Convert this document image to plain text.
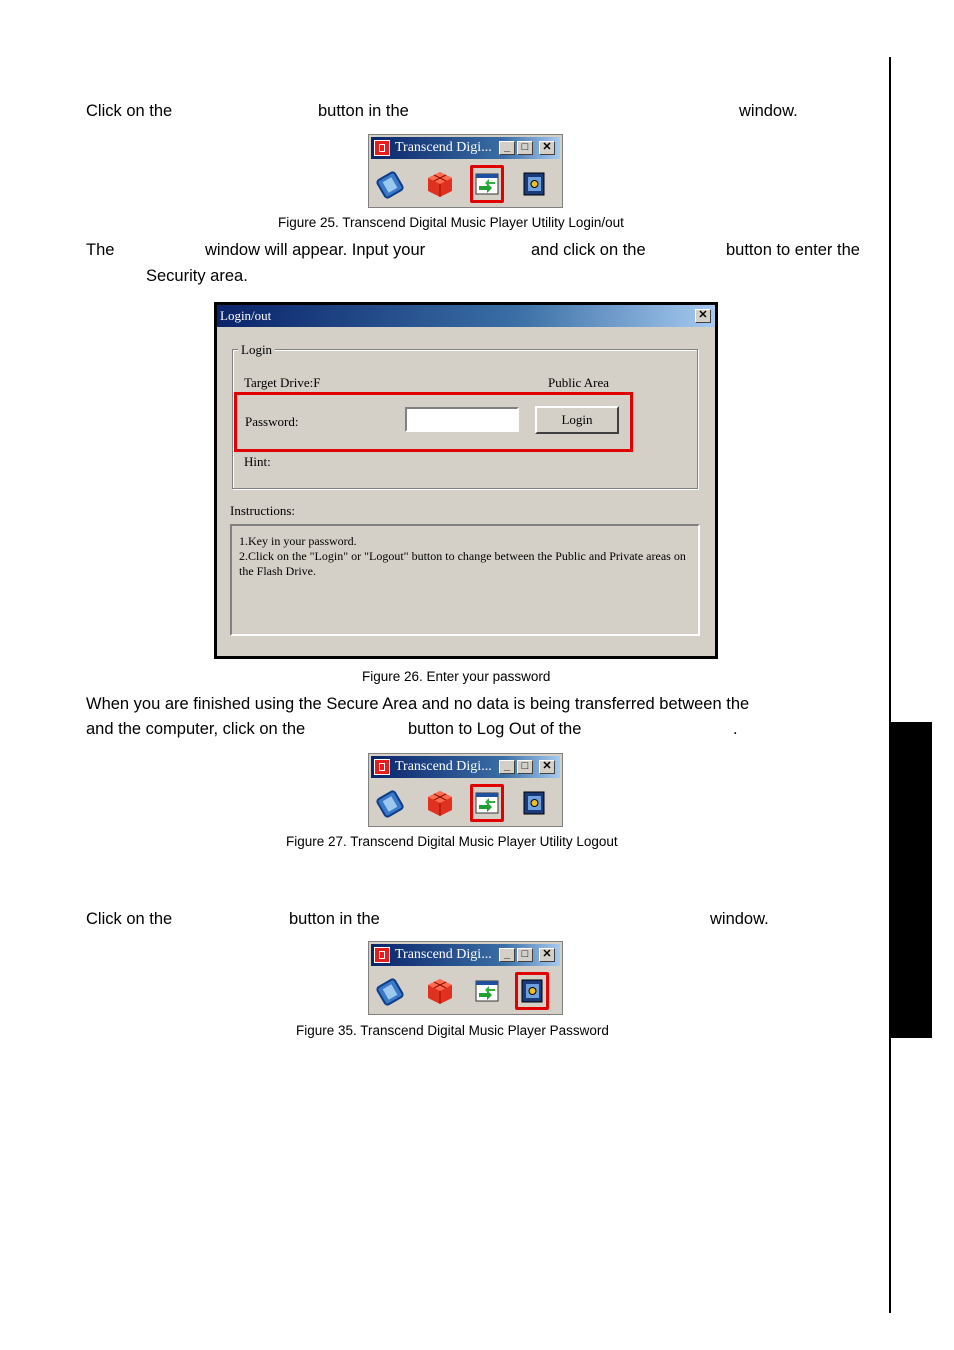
Click on the	button in the	window.
Transcend Digi...	_	□	✕
Figure 25. Transcend Digital Music Player Utility Login/out
The	window will appear. Input your	and click on the	button to enter the
Security area.
Login/out	✕
Login
Target Drive:F	Public Area
Password:	Login
Hint:
Instructions:
1.Key in your password.
2.Click on the "Login" or "Logout" button to change between the Public and Private areas on
the Flash Drive.
Figure 26. Enter your password
When you are finished using the Secure Area and no data is being transferred between the
and the computer, click on the	button to Log Out of the	.
Transcend Digi...	_	□	✕
Figure 27. Transcend Digital Music Player Utility Logout
Click on the	button in the	window.
Transcend Digi...	_	□	✕
Figure 35. Transcend Digital Music Player Password
